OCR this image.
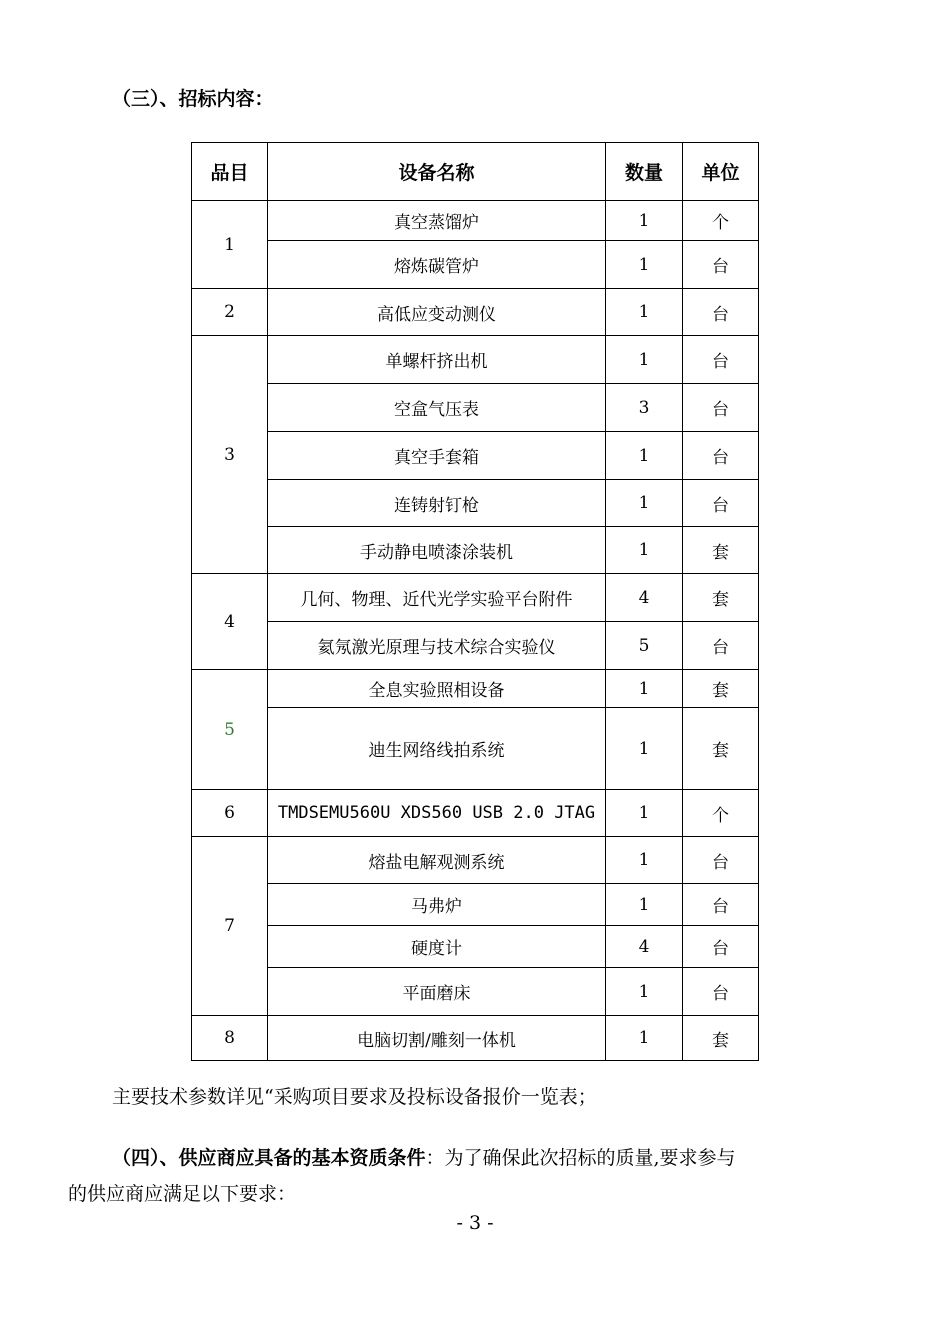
（三）、招标内容：
品目	设备名称	数量	单位
1	真空蒸馏炉	1	个
	熔炼碳管炉	1	台
2	高低应变动测仪	1	台
3	单螺杆挤出机	1	台
	空盒气压表	3	台
	真空手套箱	1	台
	连铸射钉枪	1	台
	手动静电喷漆涂装机	1	套
4	几何、物理、近代光学实验平台附件	4	套
	氦氖激光原理与技术综合实验仪	5	台
5	全息实验照相设备	1	套
	迪生网络线拍系统	1	套
6	TMDSEMU560U XDS560 USB 2.0 JTAG	1	个
7	熔盐电解观测系统	1	台
	马弗炉	1	台
	硬度计	4	台
	平面磨床	1	台
8	电脑切割/雕刻一体机	1	套
主要技术参数详见“采购项目要求及投标设备报价一览表；
（四）、供应商应具备的基本资质条件：为了确保此次招标的质量,要求参与
的供应商应满足以下要求：
- 3 -
